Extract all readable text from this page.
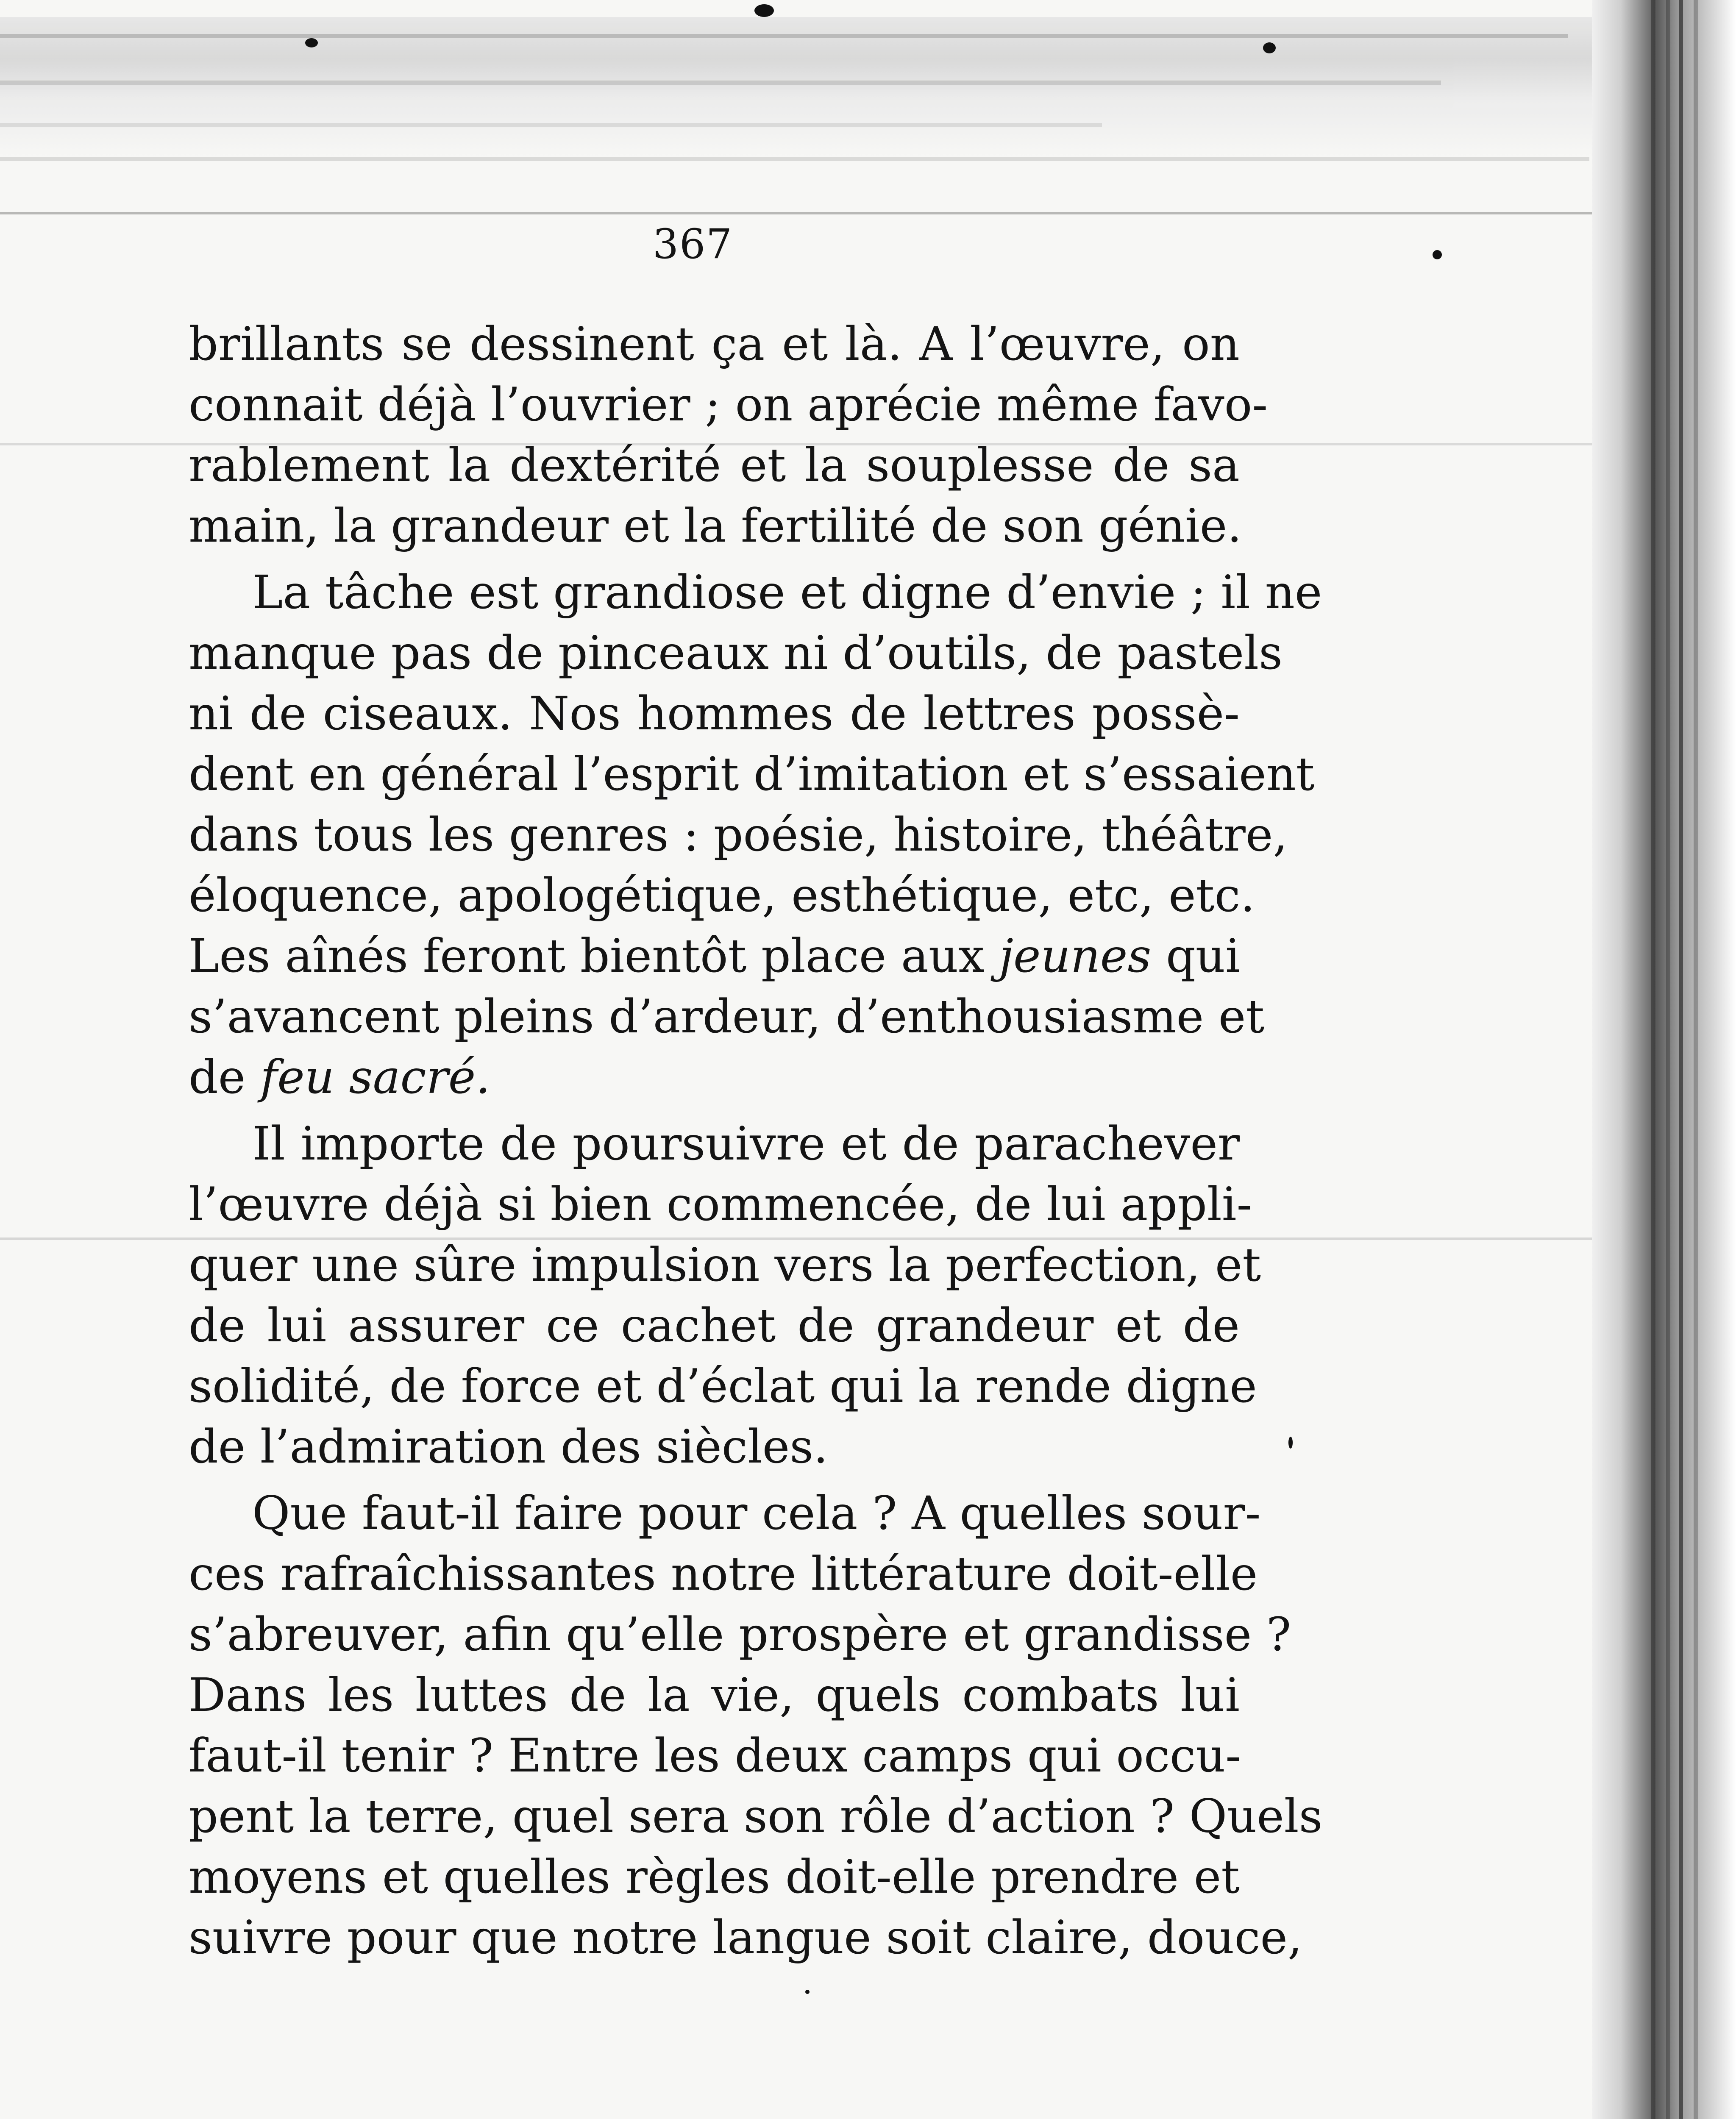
367

brillants se dessinent ça et là. A l’œuvre, on
connait déjà l’ouvrier ; on aprécie même favo-
rablement la dextérité et la souplesse de sa
main, la grandeur et la fertilité de son génie.

La tâche est grandiose et digne d’envie ; il ne
manque pas de pinceaux ni d’outils, de pastels
ni de ciseaux. Nos hommes de lettres possè-
dent en général l’esprit d’imitation et s’essaient
dans tous les genres : poésie, histoire, théâtre,
éloquence, apologétique, esthétique, etc, etc.
Les aînés feront bientôt place aux jeunes qui
s’avancent pleins d’ardeur, d’enthousiasme et
de feu sacré.

Il importe de poursuivre et de parachever
l’œuvre déjà si bien commencée, de lui appli-
quer une sûre impulsion vers la perfection, et
de lui assurer ce cachet de grandeur et de
solidité, de force et d’éclat qui la rende digne
de l’admiration des siècles.

Que faut-il faire pour cela ? A quelles sour-
ces rafraîchissantes notre littérature doit-elle
s’abreuver, afin qu’elle prospère et grandisse ?
Dans les luttes de la vie, quels combats lui
faut-il tenir ? Entre les deux camps qui occu-
pent la terre, quel sera son rôle d’action ? Quels
moyens et quelles règles doit-elle prendre et
suivre pour que notre langue soit claire, douce,
